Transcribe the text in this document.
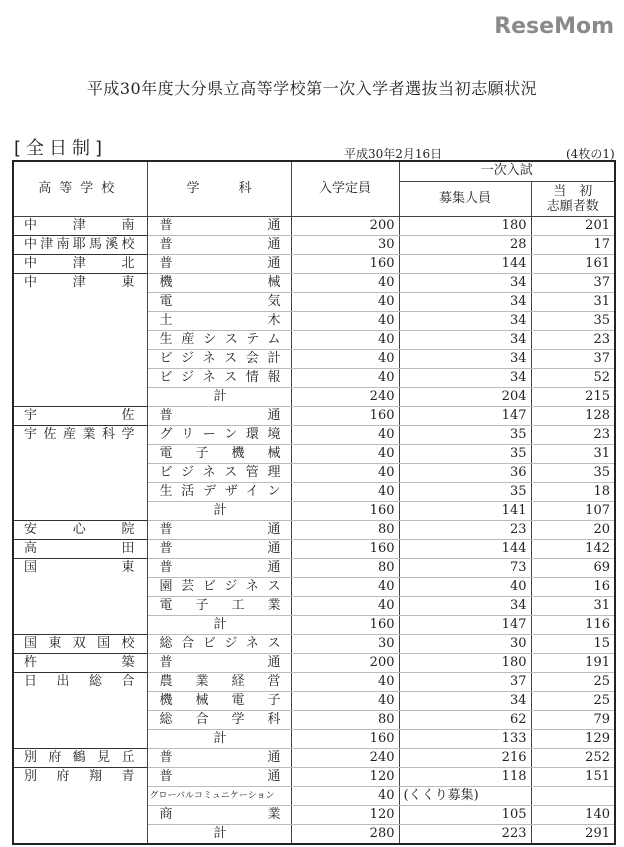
平成30年度大分県立高等学校第一次入学者選抜当初志願状況
[全日制]	平成30年2月16日	(4枚の1)
ReseMom
高等学校	学　　　科	入学定員	一次入試	
			募集人員	当　初
志願者数
中津南	普通	200	180	201
中津南耶馬溪校	普通	30	28	17
中津北	普通	160	144	161
中津東	機械	40	34	37
	電気	40	34	31
	土木	40	34	35
	生産システム	40	34	23
	ビジネス会計	40	34	37
	ビジネス情報	40	34	52
	計	240	204	215
宇佐	普通	160	147	128
宇佐産業科学	グリーン環境	40	35	23
	電子機械	40	35	31
	ビジネス管理	40	36	35
	生活デザイン	40	35	18
	計	160	141	107
安心院	普通	80	23	20
高田	普通	160	144	142
国東	普通	80	73	69
	園芸ビジネス	40	40	16
	電子工業	40	34	31
	計	160	147	116
国東双国校	総合ビジネス	30	30	15
杵築	普通	200	180	191
日出総合	農業経営	40	37	25
	機械電子	40	34	25
	総合学科	80	62	79
	計	160	133	129
別府鶴見丘	普通	240	216	252
別府翔青	普通	120	118	151
	グローバルコミュニケーション	40	(くくり募集)	
	商業	120	105	140
	計	280	223	291
